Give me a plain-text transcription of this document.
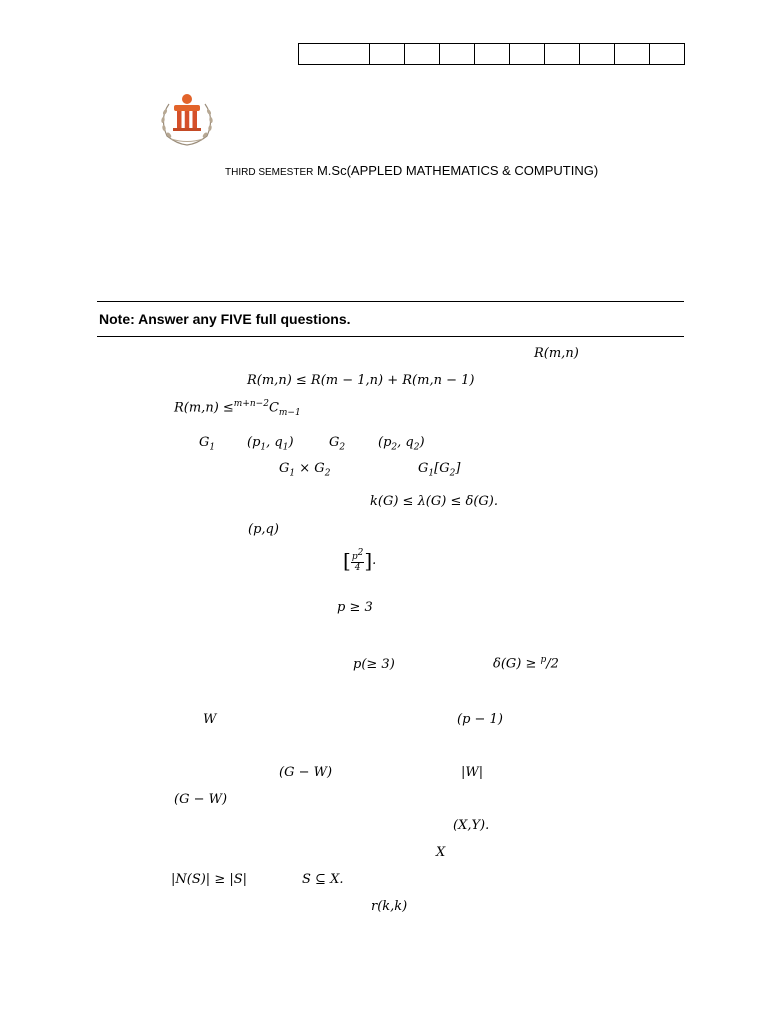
THIRD SEMESTER M.Sc(APPLED MATHEMATICS & COMPUTING)
Note: Answer any FIVE full questions.
R(m,n)
R(m,n) ≤ R(m − 1,n) + R(m,n − 1)
$R(m,n) \le^{m+n-2}C_{m-1}$
$G_1$ ($p_1$, $q_1$)	$G_2$	($p_2$, $q_2$)
$G_1 \times G_2$	$G_1[G_2]$
k(G) ≤ λ(G) ≤ δ(G).
(p,q)
[ $\frac{p^2}{4}$ ].
p ≥ 3
p(≥ 3)	δ(G) ≥ $^p$/2
W	(p − 1)
(G − W)	|W|
(G − W)
(X,Y).
X
|N(S)| ≥ |S|	S ⊆ X.
r(k,k)
